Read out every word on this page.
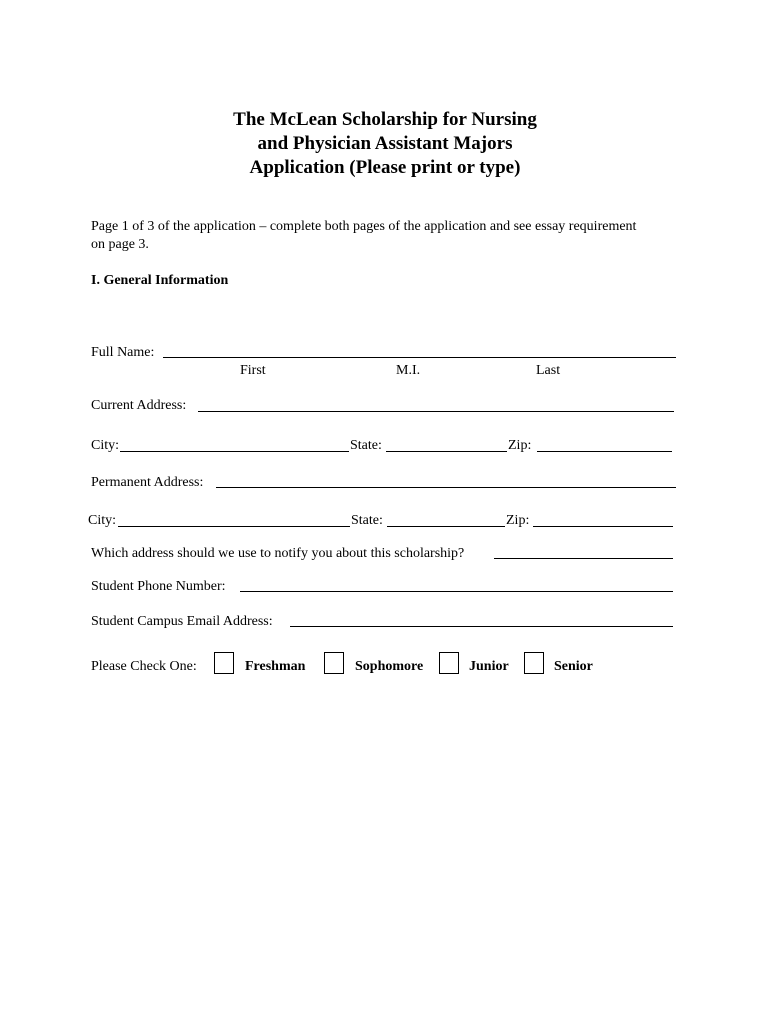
The McLean Scholarship for Nursing
and Physician Assistant Majors
Application (Please print or type)
Page 1 of 3 of the application – complete both pages of the application and see essay requirement
on page 3.
I. General Information
Full Name:
First	M.I.	Last
Current Address:
City:	State:	Zip:
Permanent Address:
City:	State:	Zip:
Which address should we use to notify you about this scholarship?
Student Phone Number:
Student Campus Email Address:
Please Check One:	Freshman	Sophomore	Junior	Senior
